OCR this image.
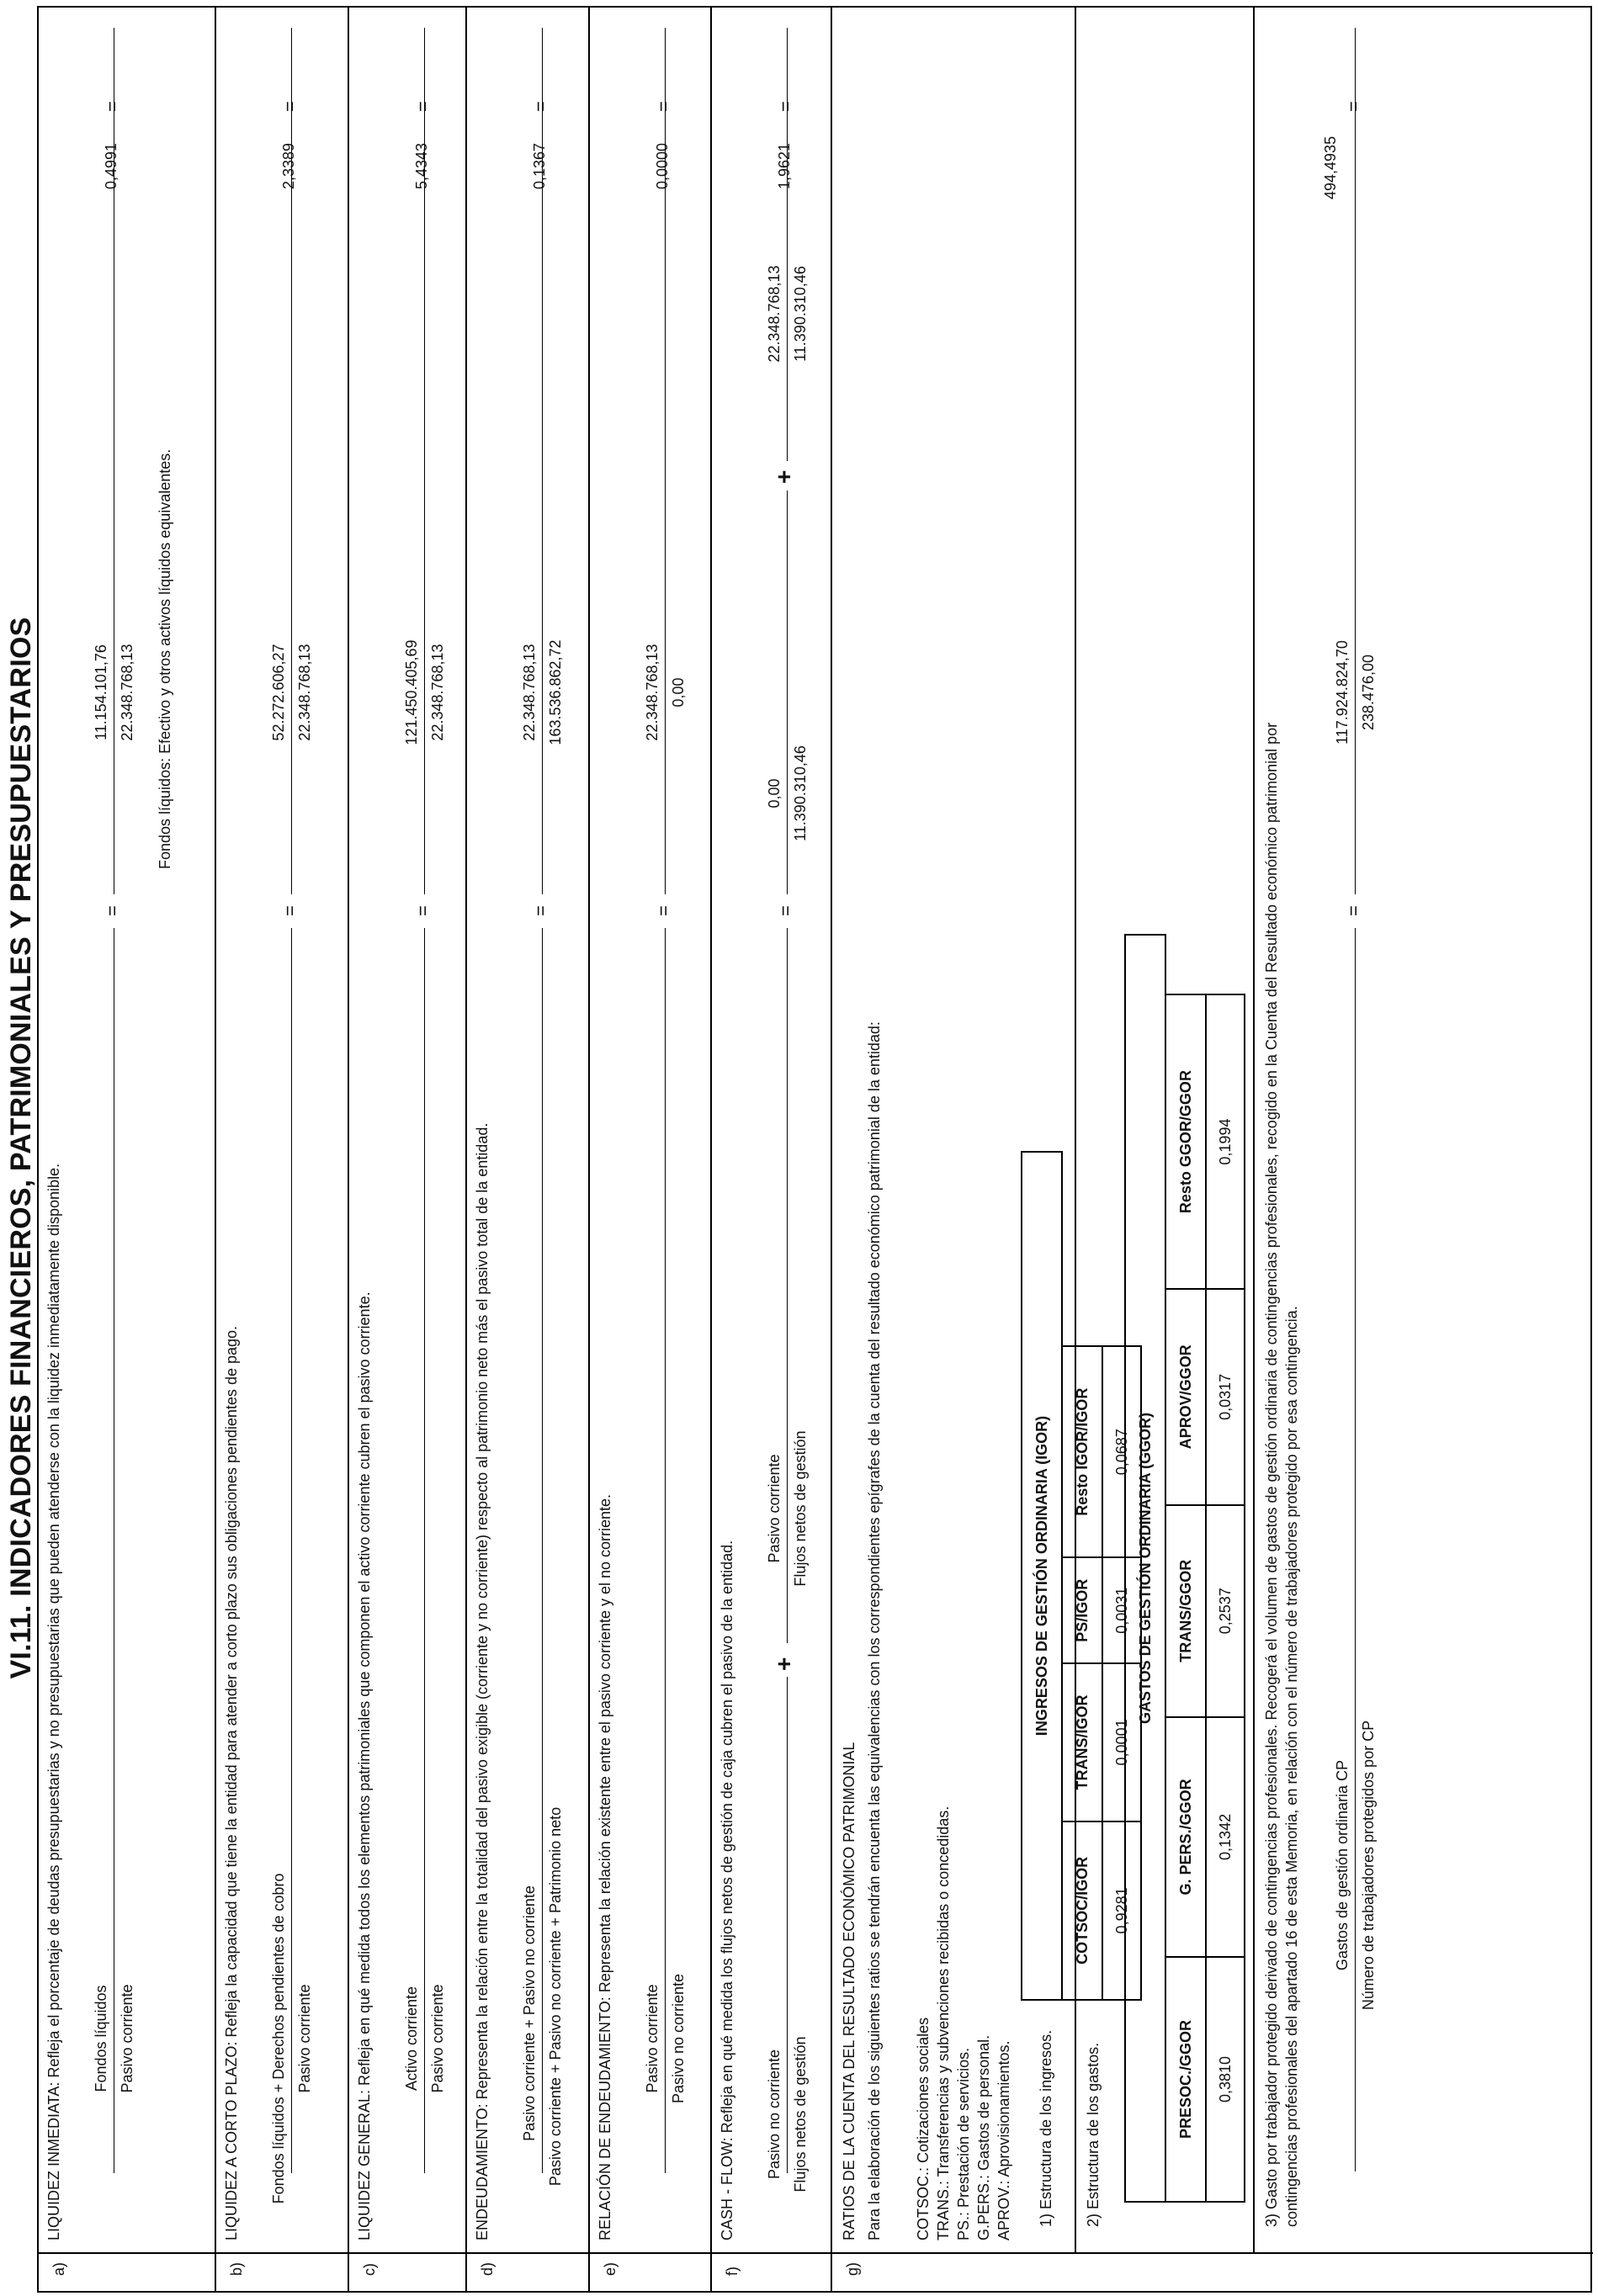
VI.11. INDICADORES FINANCIEROS, PATRIMONIALES Y PRESUPUESTARIOS
a)
LIQUIDEZ INMEDIATA: Refleja el porcentaje de deudas presupuestarias y no presupuestarias que pueden atenderse con la liquidez inmediatamente disponible. Fondos líquidos Pasivo corriente
=
11.154.101,76 22.348.768,13
=
0,4991
Fondos líquidos: Efectivo y otros activos líquidos equivalentes.
b)
LIQUIDEZ A CORTO PLAZO: Refleja la capacidad que tiene la entidad para atender a corto plazo sus obligaciones pendientes de pago. Fondos líquidos + Derechos pendientes de cobro Pasivo corriente
=
52.272.606,27 22.348.768,13
=
2,3389
c)
LIQUIDEZ GENERAL: Refleja en qué medida todos los elementos patrimoniales que componen el activo corriente cubren el pasivo corriente. Activo corriente Pasivo corriente
=
121.450.405,69 22.348.768,13
=
5,4343
d)
ENDEUDAMIENTO: Representa la relación entre la totalidad del pasivo exigible (corriente y no corriente) respecto al patrimonio neto más el pasivo total de la entidad. Pasivo corriente + Pasivo no corriente Pasivo corriente + Pasivo no corriente + Patrimonio neto
=
22.348.768,13 163.536.862,72
=
0,1367
e)
RELACIÓN DE ENDEUDAMIENTO: Representa la relación existente entre el pasivo corriente y el no corriente. Pasivo corriente Pasivo no corriente
=
22.348.768,13 0,00
=
0,0000
f)
CASH - FLOW: Refleja en qué medida los flujos netos de gestión de caja cubren el pasivo de la entidad. Pasivo no corriente Flujos netos de gestión
+
Pasivo corriente Flujos netos de gestión
=
0,00 11.390.310,46
+
22.348.768,13 11.390.310,46
=
1,9621
g)
RATIOS DE LA CUENTA DEL RESULTADO ECONÓMICO PATRIMONIAL Para la elaboración de los siguientes ratios se tendrán encuenta las equivalencias con los correspondientes epígrafes de la cuenta del resultado económico patrimonial de la entidad: COTSOC.: Cotizaciones sociales TRANS.: Transferencias y subvenciones recibidas o concedidas. PS.: Prestación de servicios. G.PERS.: Gastos de personal. APROV.: Aprovisionamientos. 1) Estructura de los ingresos.
INGRESOS DE GESTIÓN ORDINARIA (IGOR)				
COTSOC/IGOR	TRANS/IGOR	PS/IGOR	Resto IGOR/IGOR	
0,9281	0,0001	0,0031	0,0687	
2) Estructura de los gastos.
GASTOS DE GESTIÓN ORDINARIA (GGOR)					
PRESOC./GGOR	G. PERS./GGOR	TRANS/GGOR	APROV/GGOR	Resto GGOR/GGOR	
0,3810	0,1342	0,2537	0,0317	0,1994	3) Gasto por trabajador protegido derivado de contingencias profesionales. Recogerá el volumen de gastos de gestión ordinaria de contingencias profesionales, recogido en la Cuenta del Resultado económico patrimonial por contingencias profesionales del apartado 16 de esta Memoria, en relación con el número de trabajadores protegido por esa contingencia. Gastos de gestión ordinaria CP Número de trabajadores protegidos por CP
=
117.924.824,70 238.476,00
=
494,4935
